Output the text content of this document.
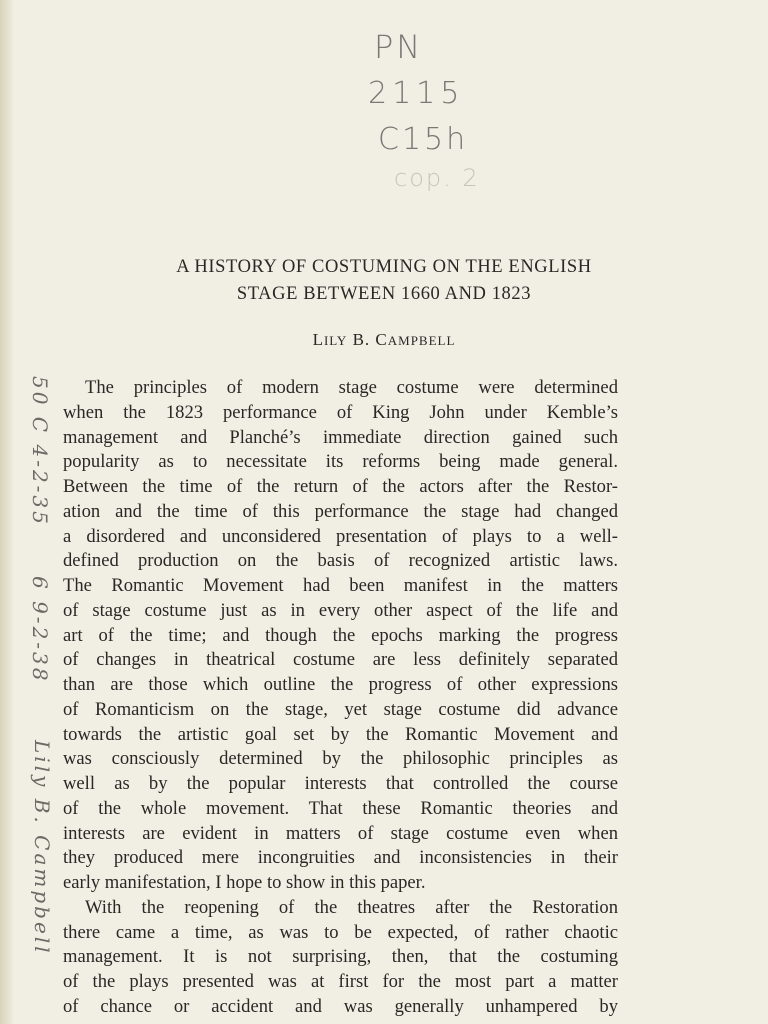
PN
2115
C15h
cop. 2
A HISTORY OF COSTUMING ON THE ENGLISH
STAGE BETWEEN 1660 AND 1823
LILY B. CAMPBELL
50 C 4-2-35
6 9-2-38
Lily B. Campbell
The principles of modern stage costume were determined
when the 1823 performance of King John under Kemble’s
management and Planché’s immediate direction gained such
popularity as to necessitate its reforms being made general.
Between the time of the return of the actors after the Restor-
ation and the time of this performance the stage had changed
a disordered and unconsidered presentation of plays to a well-
defined production on the basis of recognized artistic laws.
The Romantic Movement had been manifest in the matters
of stage costume just as in every other aspect of the life and
art of the time; and though the epochs marking the progress
of changes in theatrical costume are less definitely separated
than are those which outline the progress of other expressions
of Romanticism on the stage, yet stage costume did advance
towards the artistic goal set by the Romantic Movement and
was consciously determined by the philosophic principles as
well as by the popular interests that controlled the course
of the whole movement. That these Romantic theories and
interests are evident in matters of stage costume even when
they produced mere incongruities and inconsistencies in their
early manifestation, I hope to show in this paper.
With the reopening of the theatres after the Restoration
there came a time, as was to be expected, of rather chaotic
management. It is not surprising, then, that the costuming
of the plays presented was at first for the most part a matter
of chance or accident and was generally unhampered by
